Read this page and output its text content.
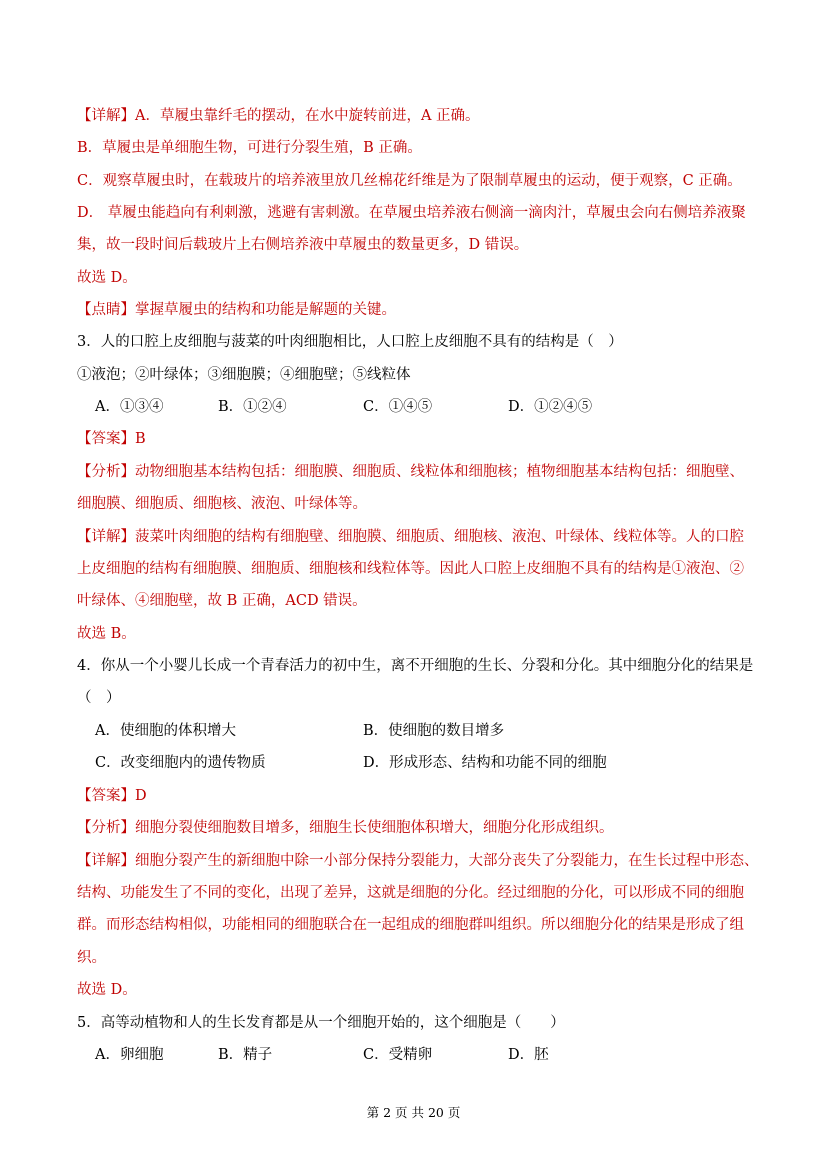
【详解】A．草履虫靠纤毛的摆动，在水中旋转前进，A 正确。
B．草履虫是单细胞生物，可进行分裂生殖，B 正确。
C．观察草履虫时，在载玻片的培养液里放几丝棉花纤维是为了限制草履虫的运动，便于观察，C 正确。
D． 草履虫能趋向有利刺激，逃避有害刺激。在草履虫培养液右侧滴一滴肉汁，草履虫会向右侧培养液聚
集，故一段时间后载玻片上右侧培养液中草履虫的数量更多，D 错误。
故选 D。
【点睛】掌握草履虫的结构和功能是解题的关键。
3．人的口腔上皮细胞与菠菜的叶肉细胞相比，人口腔上皮细胞不具有的结构是（　）
①液泡；②叶绿体；③细胞膜；④细胞壁；⑤线粒体
A．①③④	B．①②④	C．①④⑤	D．①②④⑤
【答案】B
【分析】动物细胞基本结构包括：细胞膜、细胞质、线粒体和细胞核；植物细胞基本结构包括：细胞壁、
细胞膜、细胞质、细胞核、液泡、叶绿体等。
【详解】菠菜叶肉细胞的结构有细胞壁、细胞膜、细胞质、细胞核、液泡、叶绿体、线粒体等。人的口腔
上皮细胞的结构有细胞膜、细胞质、细胞核和线粒体等。因此人口腔上皮细胞不具有的结构是①液泡、②
叶绿体、④细胞壁，故 B 正确，ACD 错误。
故选 B。
4．你从一个小婴儿长成一个青春活力的初中生，离不开细胞的生长、分裂和分化。其中细胞分化的结果是
（　）
A．使细胞的体积增大	B．使细胞的数目增多
C．改变细胞内的遗传物质	D．形成形态、结构和功能不同的细胞
【答案】D
【分析】细胞分裂使细胞数目增多，细胞生长使细胞体积增大，细胞分化形成组织。
【详解】细胞分裂产生的新细胞中除一小部分保持分裂能力，大部分丧失了分裂能力，在生长过程中形态、
结构、功能发生了不同的变化，出现了差异，这就是细胞的分化。经过细胞的分化，可以形成不同的细胞
群。而形态结构相似，功能相同的细胞联合在一起组成的细胞群叫组织。所以细胞分化的结果是形成了组
织。
故选 D。
5．高等动植物和人的生长发育都是从一个细胞开始的，这个细胞是（　　）
A．卵细胞	B．精子	C．受精卵	D．胚
第 2 页 共 20 页
